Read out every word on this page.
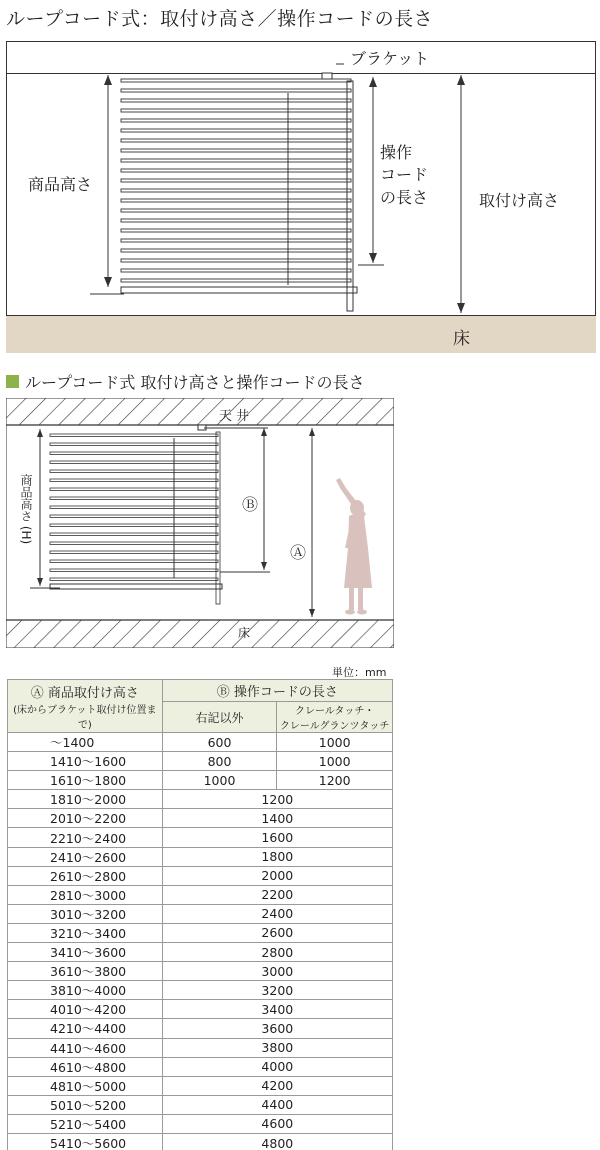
ループコード式：取付け高さ／操作コードの長さ
ブラケット
商品高さ
操作
コード
の長さ	取付け高さ
床
ループコード式 取付け高さと操作コードの長さ
天 井
床
商品高さ (H)	Ⓑ
Ⓐ
単位：mm
Ⓐ 商品取付け高さ
(床からブラケット取付け位置まで)	Ⓑ 操作コードの長さ	
	右記以外	クレールタッチ・
クレールグランツタッチ

～1400	600	1000
1410～1600	800	1000
1610～1800	1000	1200
1810～2000	1200	
2010～2200	1400	
2210～2400	1600	
2410～2600	1800	
2610～2800	2000	
2810～3000	2200	
3010～3200	2400	
3210～3400	2600	
3410～3600	2800	
3610～3800	3000	
3810～4000	3200	
4010～4200	3400	
4210～4400	3600	
4410～4600	3800	
4610～4800	4000	
4810～5000	4200	
5010～5200	4400	
5210～5400	4600	
5410～5600	4800	
